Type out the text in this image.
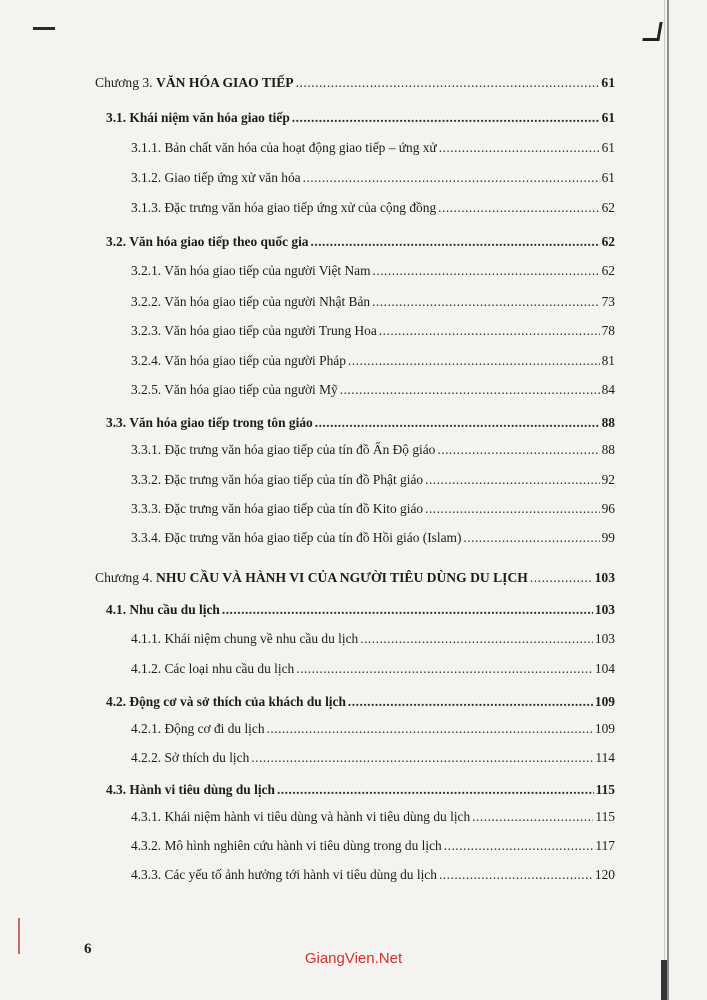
Chương 3. VĂN HÓA GIAO TIẾP .....	61
3.1. Khái niệm văn hóa giao tiếp .....	61
3.1.1. Bản chất văn hóa của hoạt động giao tiếp – ứng xử .....	61
3.1.2. Giao tiếp ứng xử văn hóa .....	61
3.1.3. Đặc trưng văn hóa giao tiếp ứng xử của cộng đồng .....	62
3.2. Văn hóa giao tiếp theo quốc gia .....	62
3.2.1. Văn hóa giao tiếp của người Việt Nam .....	62
3.2.2. Văn hóa giao tiếp của người Nhật Bản .....	73
3.2.3. Văn hóa giao tiếp của người Trung Hoa .....	78
3.2.4. Văn hóa giao tiếp của người Pháp .....	81
3.2.5. Văn hóa giao tiếp của người Mỹ .....	84
3.3. Văn hóa giao tiếp trong tôn giáo .....	88
3.3.1. Đặc trưng văn hóa giao tiếp của tín đồ Ấn Độ giáo .....	88
3.3.2. Đặc trưng văn hóa giao tiếp của tín đồ Phật giáo .....	92
3.3.3. Đặc trưng văn hóa giao tiếp của tín đồ Kito giáo .....	96
3.3.4. Đặc trưng văn hóa giao tiếp của tín đồ Hồi giáo (Islam) .....	99
Chương 4. NHU CẦU VÀ HÀNH VI CỦA NGƯỜI TIÊU DÙNG DU LỊCH .....	103
4.1. Nhu cầu du lịch .....	103
4.1.1. Khái niệm chung về nhu cầu du lịch .....	103
4.1.2. Các loại nhu cầu du lịch .....	104
4.2. Động cơ và sở thích của khách du lịch .....	109
4.2.1. Động cơ đi du lịch .....	109
4.2.2. Sở thích du lịch .....	114
4.3. Hành vi tiêu dùng du lịch .....	115
4.3.1. Khái niệm hành vi tiêu dùng và hành vi tiêu dùng du lịch .....	115
4.3.2. Mô hình nghiên cứu hành vi tiêu dùng trong du lịch .....	117
4.3.3. Các yếu tố ảnh hưởng tới hành vi tiêu dùng du lịch .....	120
6
GiangVien.Net
